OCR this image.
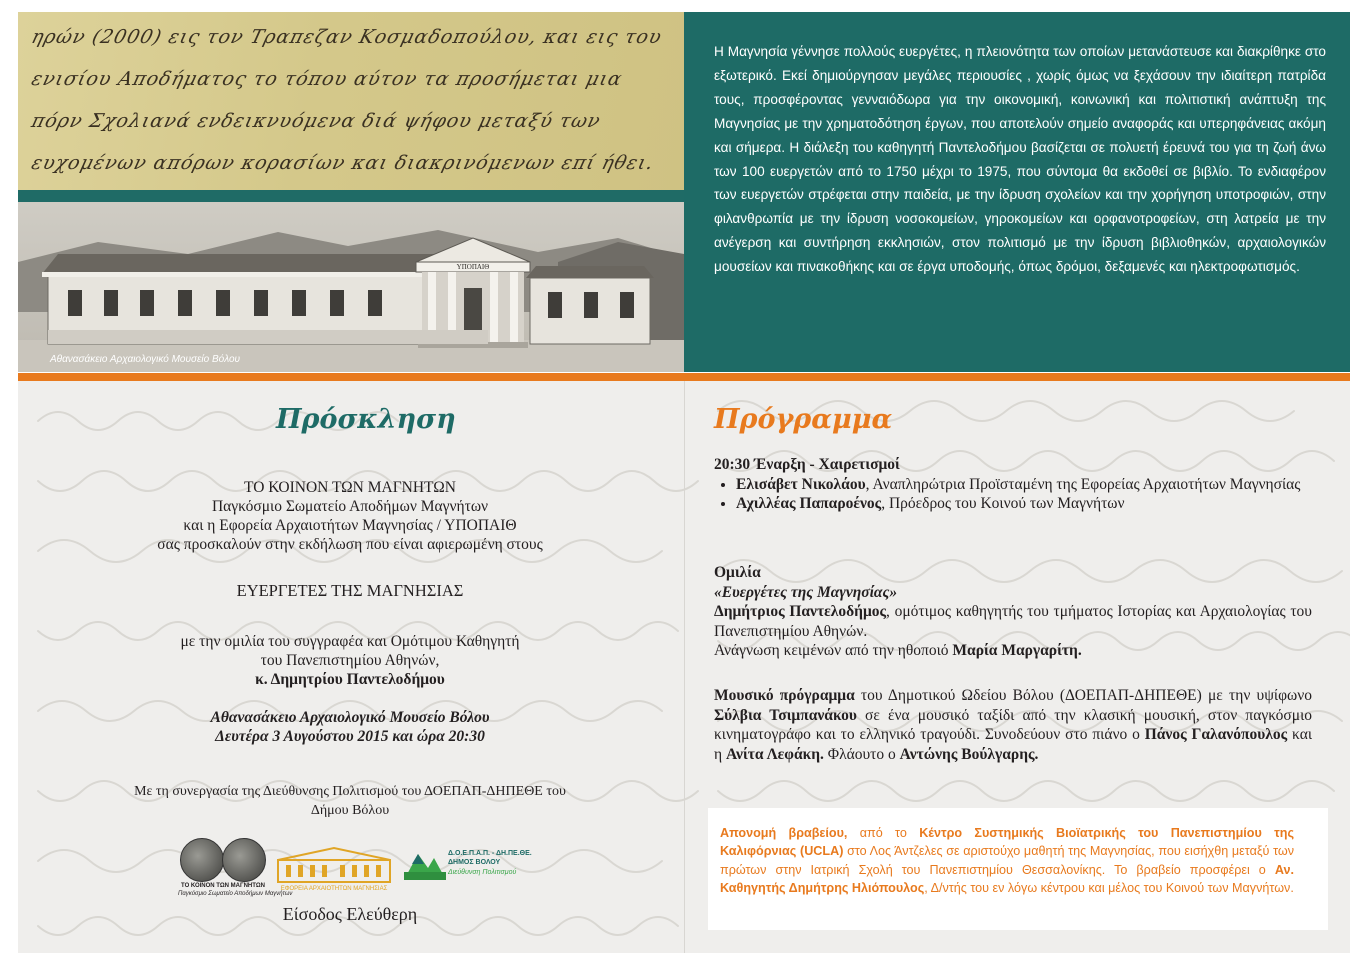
ηρών (2000) εις τον Τραπεζαν Κοσμαδοπούλου, και εις του
ενισίου Αποδήματος το τόπου αύτον τα προσήμεται μια
πόρν Σχολιανά ενδεικνυόμενα διά ψήφου μεταξύ των
ευχομένων απόρων κορασίων και διακρινόμενων επί ήθει.
ΥΠΟΠΑΙΘ
Αθανασάκειο Αρχαιολογικό Μουσείο Βόλου

Η Μαγνησία γέννησε πολλούς ευεργέτες, η πλειονότητα των οποίων μετανάστευσε και διακρίθηκε στο εξωτερικό. Εκεί δημιούργησαν μεγάλες περιουσίες , χωρίς όμως να ξεχάσουν την ιδιαίτερη πατρίδα τους, προσφέροντας γενναιόδωρα για την οικονομική, κοινωνική και πολιτιστική ανάπτυξη της Μαγνησίας με την χρηματοδότηση έργων, που αποτελούν σημείο αναφοράς και υπερηφάνειας ακόμη και σήμερα. Η διάλεξη του καθηγητή Παντελοδήμου βασίζεται σε πολυετή έρευνά του για τη ζωή άνω των 100 ευεργετών από το 1750 μέχρι το 1975, που σύντομα θα εκδοθεί σε βιβλίο. Το ενδιαφέρον των ευεργετών στρέφεται στην παιδεία, με την ίδρυση σχολείων και την χορήγηση υποτροφιών, στην φιλανθρωπία με την ίδρυση νοσοκομείων, γηροκομείων και ορφανοτροφείων, στη λατρεία με την ανέγερση και συντήρηση εκκλησιών, στον πολιτισμό με την ίδρυση βιβλιοθηκών, αρχαιολογικών μουσείων και πινακοθήκης και σε έργα υποδομής, όπως δρόμοι, δεξαμενές και ηλεκτροφωτισμός.

Πρόσκληση
ΤΟ ΚΟΙΝΟΝ ΤΩΝ ΜΑΓΝΗΤΩΝ
Παγκόσμιο Σωματείο Αποδήμων Μαγνήτων
και η Εφορεία Αρχαιοτήτων Μαγνησίας / ΥΠΟΠΑΙΘ
σας προσκαλούν στην εκδήλωση που είναι αφιερωμένη στους
ΕΥΕΡΓΕΤΕΣ ΤΗΣ ΜΑΓΝΗΣΙΑΣ
με την ομιλία του συγγραφέα και Ομότιμου Καθηγητή
του Πανεπιστημίου Αθηνών,
κ. Δημητρίου Παντελοδήμου
Αθανασάκειο Αρχαιολογικό Μουσείο Βόλου
Δευτέρα 3 Αυγούστου 2015 και ώρα 20:30
Με τη συνεργασία της Διεύθυνσης Πολιτισμού του ΔΟΕΠΑΠ-ΔΗΠΕΘΕ του
Δήμου Βόλου
ΤΟ ΚΟΙΝΟΝ ΤΩΝ ΜΑΓΝΗΤΩΝ
Παγκόσμιο Σωματείο Αποδήμων Μαγνήτων
ΕΦΟΡΕΙΑ ΑΡΧΑΙΟΤΗΤΩΝ ΜΑΓΝΗΣΙΑΣ
Δ.Ο.Ε.Π.Α.Π. - ΔΗ.ΠΕ.ΘΕ.
ΔΗΜΟΣ ΒΟΛΟΥ
Διεύθυνση Πολιτισμού
Είσοδος Ελεύθερη
Πρόγραμμα
20:30 Έναρξη - Χαιρετισμοί
• Ελισάβετ Νικολάου, Αναπληρώτρια Προϊσταμένη της Εφορείας Αρχαιοτήτων Μαγνησίας
• Αχιλλέας Παπαροένος, Πρόεδρος του Κοινού των Μαγνήτων
Ομιλία
«Ευεργέτες της Μαγνησίας»
Δημήτριος Παντελοδήμος, ομότιμος καθηγητής του τμήματος Ιστορίας και Αρχαιολογίας του Πανεπιστημίου Αθηνών.
Ανάγνωση κειμένων από την ηθοποιό Μαρία Μαργαρίτη.

Μουσικό πρόγραμμα του Δημοτικού Ωδείου Βόλου (ΔΟΕΠΑΠ-ΔΗΠΕΘΕ) με την υψίφωνο Σύλβια Τσιμπανάκου σε ένα μουσικό ταξίδι από την κλασική μουσική, στον παγκόσμιο κινηματογράφο και το ελληνικό τραγούδι. Συνοδεύουν στο πιάνο ο Πάνος Γαλανόπουλος και η Ανίτα Λεφάκη. Φλάουτο ο Αντώνης Βούλγαρης.

Απονομή βραβείου, από το Κέντρο Συστημικής Βιοϊατρικής του Πανεπιστημίου της Καλιφόρνιας (UCLA) στο Λος Άντζελες σε αριστούχο μαθητή της Μαγνησίας, που εισήχθη μεταξύ των πρώτων στην Ιατρική Σχολή του Πανεπιστημίου Θεσσαλονίκης. Το βραβείο προσφέρει ο Αν. Καθηγητής Δημήτρης Ηλιόπουλος, Δ/ντής του εν λόγω κέντρου και μέλος του Κοινού των Μαγνήτων.
